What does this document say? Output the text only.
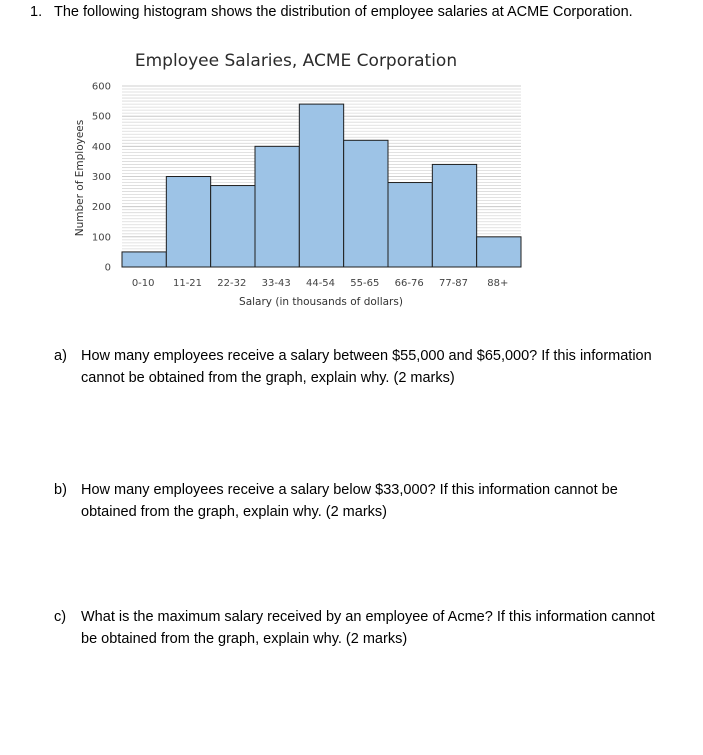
1. The following histogram shows the distribution of employee salaries at ACME Corporation.
Employee Salaries, ACME Corporation
0
100
200
300
400
500
600
0-10 11-21 22-32 33-43 44-54 55-65 66-76 77-87 88+
Number of Employees
Salary (in thousands of dollars)
a) How many employees receive a salary between $55,000 and $65,000? If this information cannot be obtained from the graph, explain why. (2 marks)
b) How many employees receive a salary below $33,000? If this information cannot be obtained from the graph, explain why. (2 marks)
c) What is the maximum salary received by an employee of Acme? If this information cannot be obtained from the graph, explain why. (2 marks)
